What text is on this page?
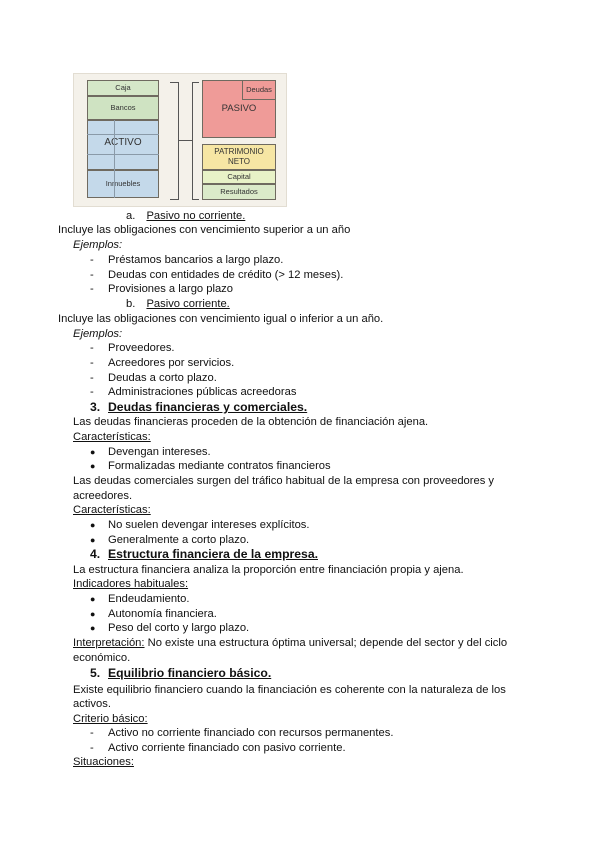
Caja
Bancos
ACTIVO
Inmuebles
Deudas
PASIVO
PATRIMONIO NETO
Capital
Resultados
a. Pasivo no corriente.
Incluye las obligaciones con vencimiento superior a un año
Ejemplos:
- Préstamos bancarios a largo plazo.
- Deudas con entidades de crédito (> 12 meses).
- Provisiones a largo plazo
b. Pasivo corriente.
Incluye las obligaciones con vencimiento igual o inferior a un año.
Ejemplos:
- Proveedores.
- Acreedores por servicios.
- Deudas a corto plazo.
- Administraciones públicas acreedoras
3. Deudas financieras y comerciales.
Las deudas financieras proceden de la obtención de financiación ajena.
Características:
● Devengan intereses.
● Formalizadas mediante contratos financieros
Las deudas comerciales surgen del tráfico habitual de la empresa con proveedores y
acreedores.
Características:
● No suelen devengar intereses explícitos.
● Generalmente a corto plazo.
4. Estructura financiera de la empresa.
La estructura financiera analiza la proporción entre financiación propia y ajena.
Indicadores habituales:
● Endeudamiento.
● Autonomía financiera.
● Peso del corto y largo plazo.
Interpretación: No existe una estructura óptima universal; depende del sector y del ciclo
económico.
5. Equilibrio financiero básico.
Existe equilibrio financiero cuando la financiación es coherente con la naturaleza de los
activos.
Criterio básico:
- Activo no corriente financiado con recursos permanentes.
- Activo corriente financiado con pasivo corriente.
Situaciones:
